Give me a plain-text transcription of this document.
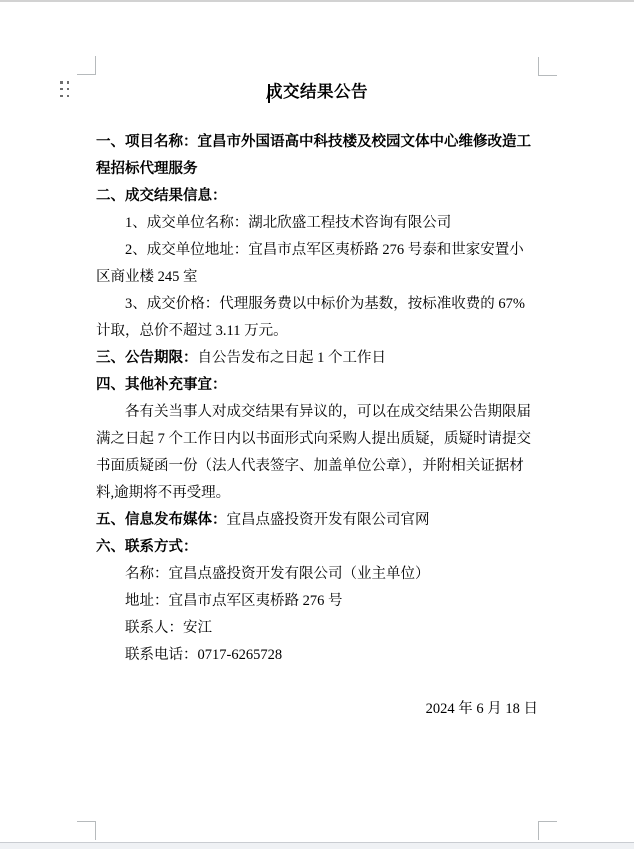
成交结果公告
一、项目名称：宜昌市外国语高中科技楼及校园文体中心维修改造工
程招标代理服务
二、成交结果信息：
1、成交单位名称：湖北欣盛工程技术咨询有限公司
2、成交单位地址：宜昌市点军区夷桥路 276 号泰和世家安置小
区商业楼 245 室
3、成交价格：代理服务费以中标价为基数，按标准收费的 67%
计取，总价不超过 3.11 万元。
三、公告期限：自公告发布之日起 1 个工作日
四、其他补充事宜：
各有关当事人对成交结果有异议的，可以在成交结果公告期限届
满之日起 7 个工作日内以书面形式向采购人提出质疑，质疑时请提交
书面质疑函一份（法人代表签字、加盖单位公章），并附相关证据材
料,逾期将不再受理。
五、信息发布媒体：宜昌点盛投资开发有限公司官网
六、联系方式：
名称：宜昌点盛投资开发有限公司（业主单位）
地址：宜昌市点军区夷桥路 276 号
联系人：安江
联系电话：0717-6265728
2024 年 6 月 18 日
